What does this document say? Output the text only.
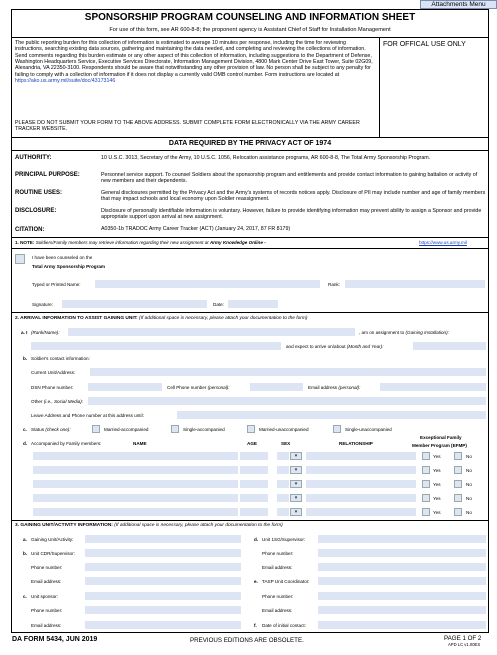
Attachments Menu
SPONSORSHIP PROGRAM COUNSELING AND INFORMATION SHEET
For use of this form, see AR 600-8-8; the proponent agency is Assistant Chief of Staff for Installation Management
The public reporting burden for this collection of information is estimated to average 10 minutes per response, including the time for reviewing instructions, searching existing data sources, gathering and maintaining the data needed, and completing and reviewing the collections of information. Send comments regarding this burden estimate or any other aspect of this collection of information, including suggestions to the Department of Defense, Washington Headquarters Service, Executive Services Directorate, Information Management Division, 4800 Mark Center Drive East Tower, Suite 02G09, Alexandria, VA 22350-3100. Respondents should be aware that notwithstanding any other provision of law. No person shall be subject to any penalty for failing to comply with a collection of information if it does not display a currently valid OMB control number. Form instructions are located at https://ako.us.army.mil/suite/doc/43173146
FOR OFFICAL USE ONLY
PLEASE DO NOT SUBMIT YOUR FORM TO THE ABOVE ADDRESS. SUBMIT COMPLETE FORM ELECTRONICALLY VIA THE ARMY CAREER TRACKER WEBSITE.
DATA REQUIRED BY THE PRIVACY ACT OF 1974
AUTHORITY:	10 U.S.C. 3013, Secretary of the Army, 10 U.S.C. 1056, Relocation assistance programs, AR 600-8-8, The Total Army Sponsorship Program.
PRINCIPAL PURPOSE:	Personnel service support. To counsel Soldiers about the sponsorship program and entitlements and provide contact information to gaining battalion or activity of new members and their dependents.
ROUTINE USES:	General disclosures permitted by the Privacy Act and the Army's systems of records notices apply. Disclosure of PII may include number and age of family members that may impact schools and local economy upon Soldier reassignment.
DISCLOSURE:	Disclosure of personally identifiable information is voluntary. However, failure to provide identifying information may prevent ability to assign a Sponsor and provide appropriate support upon arrival at new assignment.
CITATION:	A0350-1b TRADOC Army Career Tracker (ACT) (January 24, 2017, 87 FR 8179)
1. NOTE: Soldiers/Family members may retrieve information regarding their new assignment at Army Knowledge Online -	https://www.us.army.mil
I have been counseled on the
Total Army Sponsorship Program
Typed or Printed Name:	Rank:
Signature:	Date:
2. ARRIVAL INFORMATION TO ASSIST GAINING UNIT: (If additional space is necessary, please attach your documentation to the form)
a. I (Rank/Name):	, am on assignment to (Gaining Installation):
and expect to arrive on/about (Month and Year):
b. Soldier's contact information:
Current Unit/Address:
DSN Phone number:	Cell Phone number (personal):	Email address (personal):
Other (i.e., Social Media):
Leave Address and Phone number at this address until:
c. Status (check one):	Married-accompanied	Single-accompanied	Married-unaccompanied	Single-unaccompanied
d. Accompanied by Family members:	NAME	AGE	SEX	RELATIONSHIP
Exceptional Family
Member Program (EFMP)
▾	Yes	No
▾	Yes	No
▾	Yes	No
▾	Yes	No
▾	Yes	No
3. GAINING UNIT/ACTIVITY INFORMATION: (If additional space is necessary, please attach your documentation to the form)
a. Gaining Unit/Activity:	d. Unit 1SG/Supervisor:
b. Unit CDR/Supervisor:	Phone number:
Phone number:	Email address:
Email address:	e. TASP Unit Coordinator:
c. Unit sponsor:	Phone number:
Phone number:	Email address:
Email address:	f. Date of initial contact:
DA FORM 5434, JUN 2019	PREVIOUS EDITIONS ARE OBSOLETE.	PAGE 1 OF 2
APD LC v1.00ES
